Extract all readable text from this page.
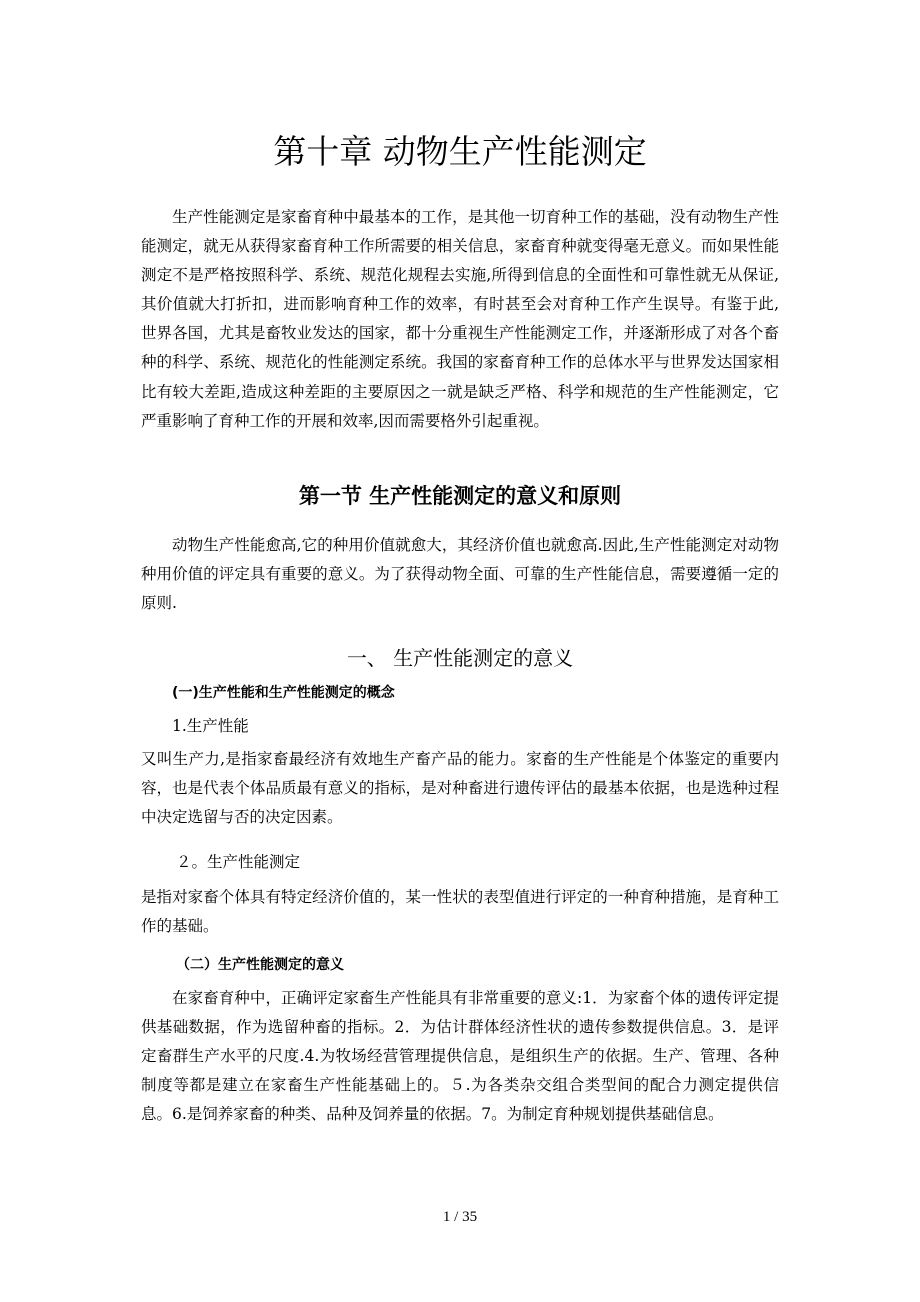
第十章 动物生产性能测定

生产性能测定是家畜育种中最基本的工作，是其他一切育种工作的基础，没有动物生产性能测定，就无从获得家畜育种工作所需要的相关信息，家畜育种就变得毫无意义。而如果性能测定不是严格按照科学、系统、规范化规程去实施,所得到信息的全面性和可靠性就无从保证,其价值就大打折扣，进而影响育种工作的效率，有时甚至会对育种工作产生误导。有鉴于此,世界各国，尤其是畜牧业发达的国家，都十分重视生产性能测定工作，并逐渐形成了对各个畜种的科学、系统、规范化的性能测定系统。我国的家畜育种工作的总体水平与世界发达国家相比有较大差距,造成这种差距的主要原因之一就是缺乏严格、科学和规范的生产性能测定，它严重影响了育种工作的开展和效率,因而需要格外引起重视。

第一节 生产性能测定的意义和原则

动物生产性能愈高,它的种用价值就愈大，其经济价值也就愈高.因此,生产性能测定对动物种用价值的评定具有重要的意义。为了获得动物全面、可靠的生产性能信息，需要遵循一定的原则.

一、 生产性能测定的意义
(一)生产性能和生产性能测定的概念
1.生产性能

又叫生产力,是指家畜最经济有效地生产畜产品的能力。家畜的生产性能是个体鉴定的重要内容，也是代表个体品质最有意义的指标，是对种畜进行遗传评估的最基本依据，也是选种过程中决定选留与否的决定因素。

２。生产性能测定

是指对家畜个体具有特定经济价值的，某一性状的表型值进行评定的一种育种措施，是育种工作的基础。

（二）生产性能测定的意义

在家畜育种中，正确评定家畜生产性能具有非常重要的意义:1．为家畜个体的遗传评定提供基础数据，作为选留种畜的指标。2．为估计群体经济性状的遗传参数提供信息。3．是评定畜群生产水平的尺度.4.为牧场经营管理提供信息，是组织生产的依据。生产、管理、各种制度等都是建立在家畜生产性能基础上的。５.为各类杂交组合类型间的配合力测定提供信息。6.是饲养家畜的种类、品种及饲养量的依据。7。为制定育种规划提供基础信息。

1 / 35
